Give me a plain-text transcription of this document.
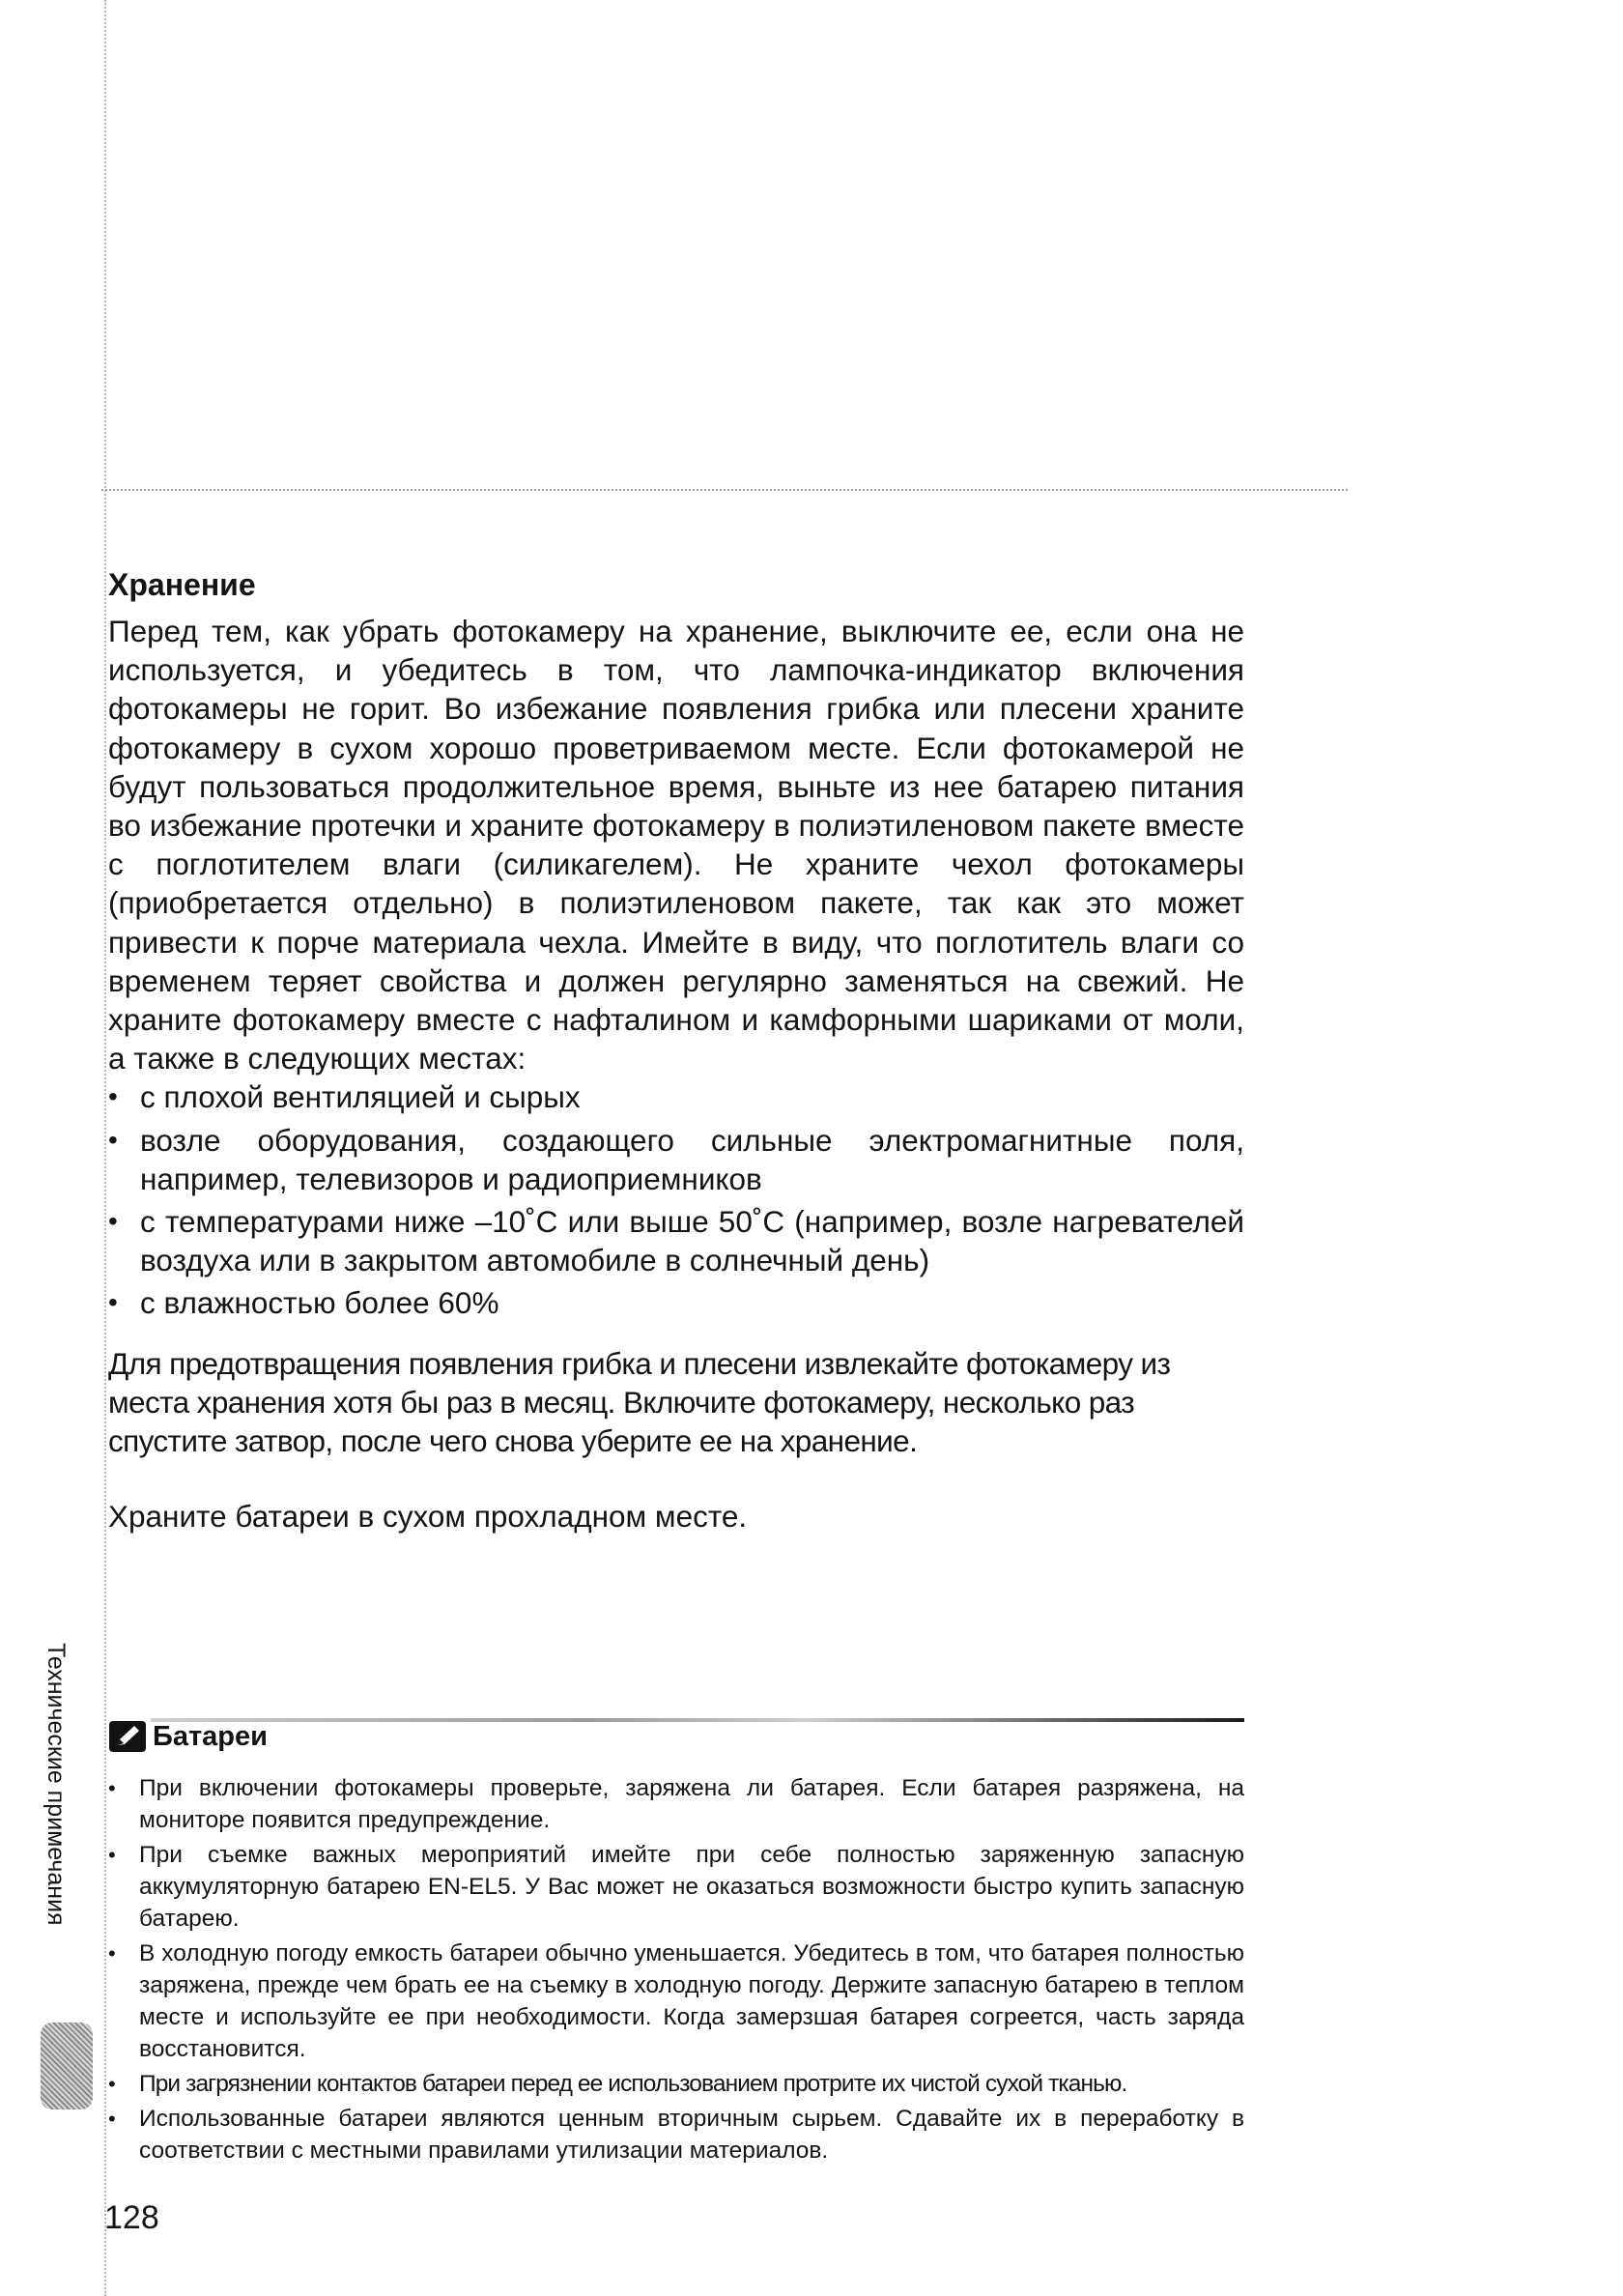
Хранение

Перед тем, как убрать фотокамеру на хранение, выключите ее, если она не используется, и убедитесь в том, что лампочка-индикатор включения фотокамеры не горит. Во избежание появления грибка или плесени храните фотокамеру в сухом хорошо проветриваемом месте. Если фотокамерой не будут пользоваться продолжительное время, выньте из нее батарею питания во избежание протечки и храните фотокамеру в полиэтиленовом пакете вместе с поглотителем влаги (силикагелем). Не храните чехол фотокамеры (приобретается отдельно) в полиэтиленовом пакете, так как это может привести к порче материала чехла. Имейте в виду, что поглотитель влаги со временем теряет свойства и должен регулярно заменяться на свежий. Не храните фотокамеру вместе с нафталином и камфорными шариками от моли, а также в следующих местах:

• с плохой вентиляцией и сырых
• возле оборудования, создающего сильные электромагнитные поля, например, телевизоров и радиоприемников
• с температурами ниже –10˚С или выше 50˚С (например, возле нагревателей воздуха или в закрытом автомобиле в солнечный день)
• с влажностью более 60%

Для предотвращения появления грибка и плесени извлекайте фотокамеру из места хранения хотя бы раз в месяц. Включите фотокамеру, несколько раз спустите затвор, после чего снова уберите ее на хранение.

Храните батареи в сухом прохладном месте.

Батареи
• При включении фотокамеры проверьте, заряжена ли батарея. Если батарея разряжена, на мониторе появится предупреждение.
• При съемке важных мероприятий имейте при себе полностью заряженную запасную аккумуляторную батарею EN-EL5. У Вас может не оказаться возможности быстро купить запасную батарею.
• В холодную погоду емкость батареи обычно уменьшается. Убедитесь в том, что батарея полностью заряжена, прежде чем брать ее на съемку в холодную погоду. Держите запасную батарею в теплом месте и используйте ее при необходимости. Когда замерзшая батарея согреется, часть заряда восстановится.
• При загрязнении контактов батареи перед ее использованием протрите их чистой сухой тканью.
• Использованные батареи являются ценным вторичным сырьем. Сдавайте их в переработку в соответствии с местными правилами утилизации материалов.
Технические примечания
128
